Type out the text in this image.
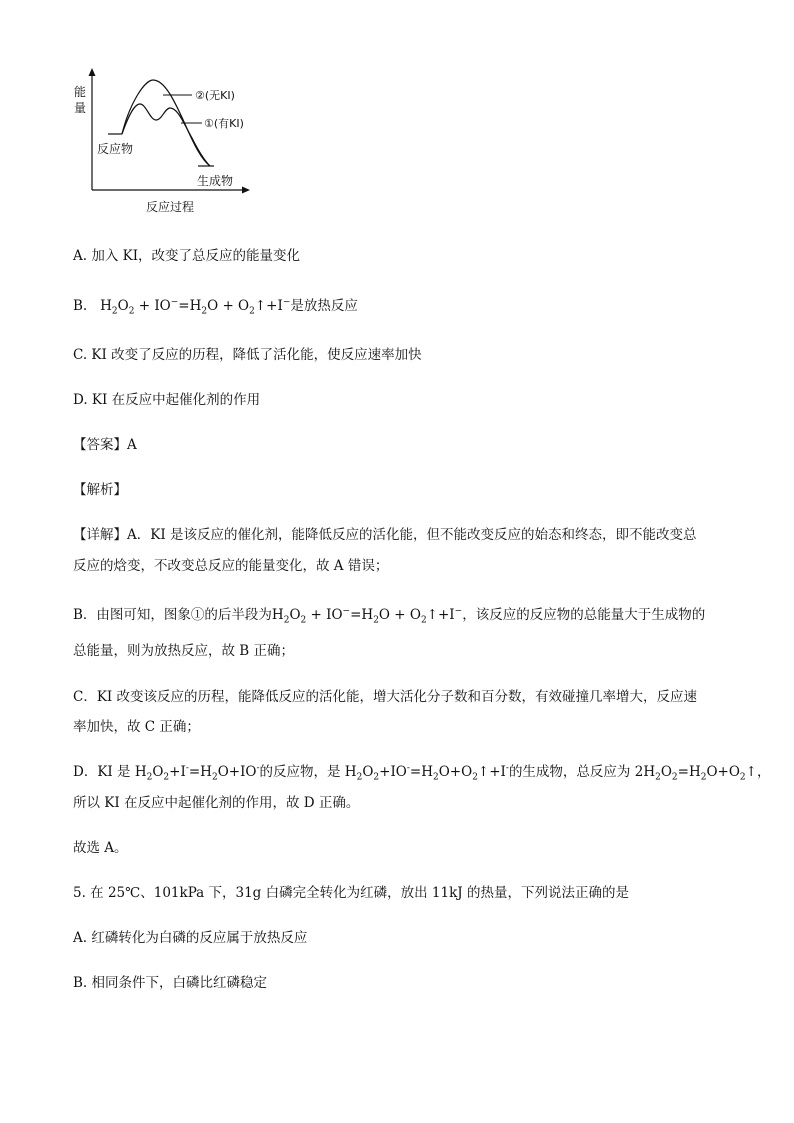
能
量
②(无KI)
①(有KI)
反应物
生成物
反应过程
A. 加入 KI，改变了总反应的能量变化
B.   $H_2O_2 + IO^-=H_2O$ + $O_2↑+I^-$是放热反应
C. KI 改变了反应的历程，降低了活化能，使反应速率加快
D. KI 在反应中起催化剂的作用
【答案】A
【解析】
【详解】A．KI 是该反应的催化剂，能降低反应的活化能，但不能改变反应的始态和终态，即不能改变总
反应的焓变，不改变总反应的能量变化，故 A 错误；
B．由图可知，图象①的后半段为$H_2O_2 + IO^-=H_2O$ + $O_2↑+I^-$，该反应的反应物的总能量大于生成物的
总能量，则为放热反应，故 B 正确；
C．KI 改变该反应的历程，能降低反应的活化能，增大活化分子数和百分数，有效碰撞几率增大，反应速
率加快，故 C 正确；
D．KI 是 $H_2O_2+I^-=H_2O+IO^-$的反应物，是 $H_2O_2+IO^-=H_2O+O_2↑+I^-$的生成物，总反应为 $2H_2O_2=H_2O+O_2↑$，
所以 KI 在反应中起催化剂的作用，故 D 正确。
故选 A。
5. 在 25℃、101kPa 下，31g 白磷完全转化为红磷，放出 11kJ 的热量，下列说法正确的是
A. 红磷转化为白磷的反应属于放热反应
B. 相同条件下，白磷比红磷稳定
